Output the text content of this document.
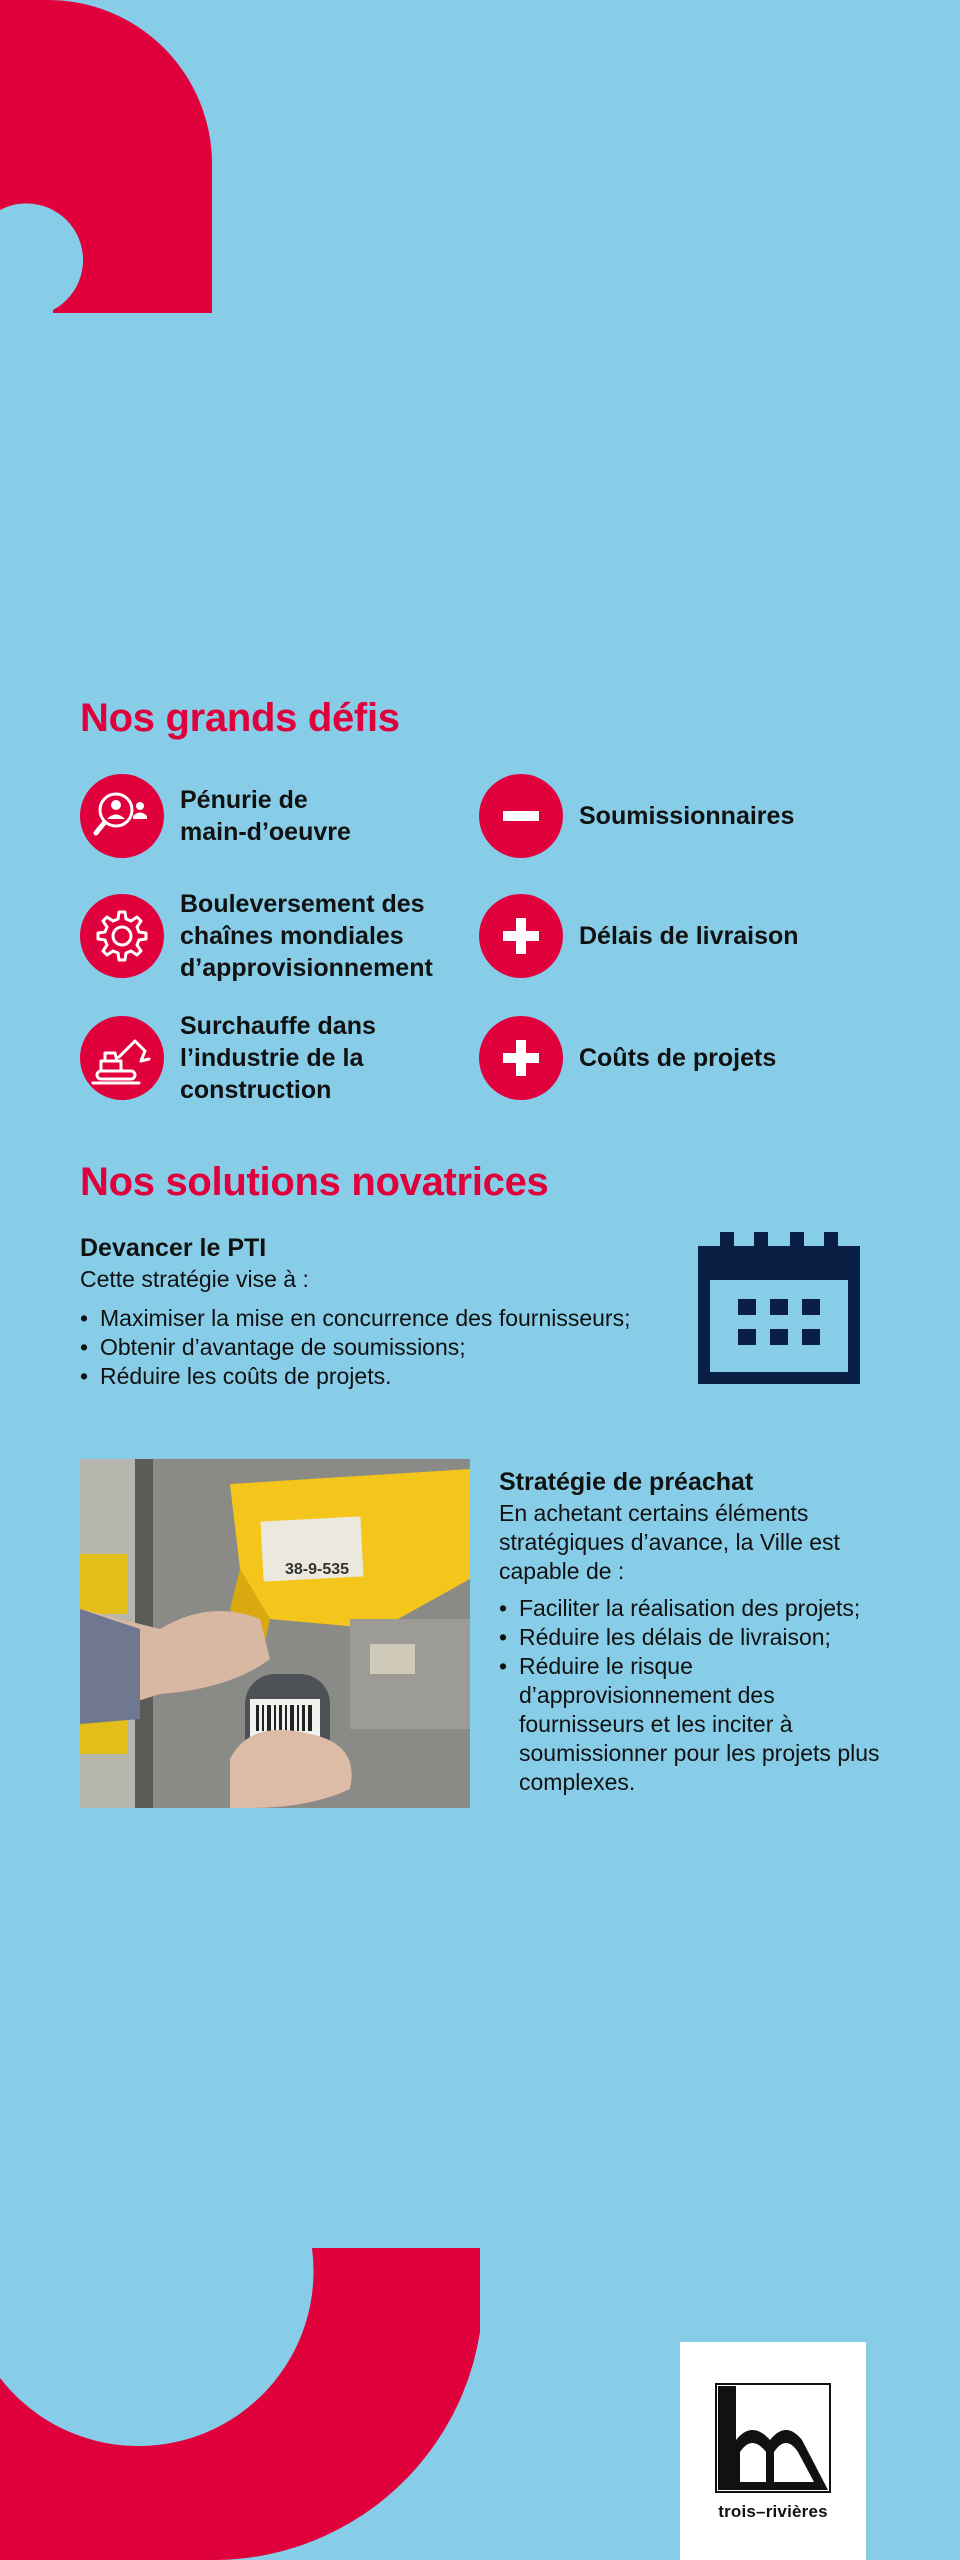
Nos grands défis
Pénurie de
main-d’oeuvre
Bouleversement des
chaînes mondiales
d’approvisionnement
Surchauffe dans
l’industrie de la
construction
Soumissionnaires
Délais de livraison
Coûts de projets
Nos solutions novatrices
Devancer le PTI

Cette stratégie vise à :

• Maximiser la mise en concurrence des fournisseurs;
• Obtenir d’avantage de soumissions;
• Réduire les coûts de projets.
38-9-535
Stratégie de préachat

En achetant certains éléments stratégiques d’avance, la Ville est capable de :

• Faciliter la réalisation des projets;
• Réduire les délais de livraison;
• Réduire le risque d’approvisionnement des fournisseurs et les inciter à soumissionner pour les projets plus complexes.
trois–rivières
